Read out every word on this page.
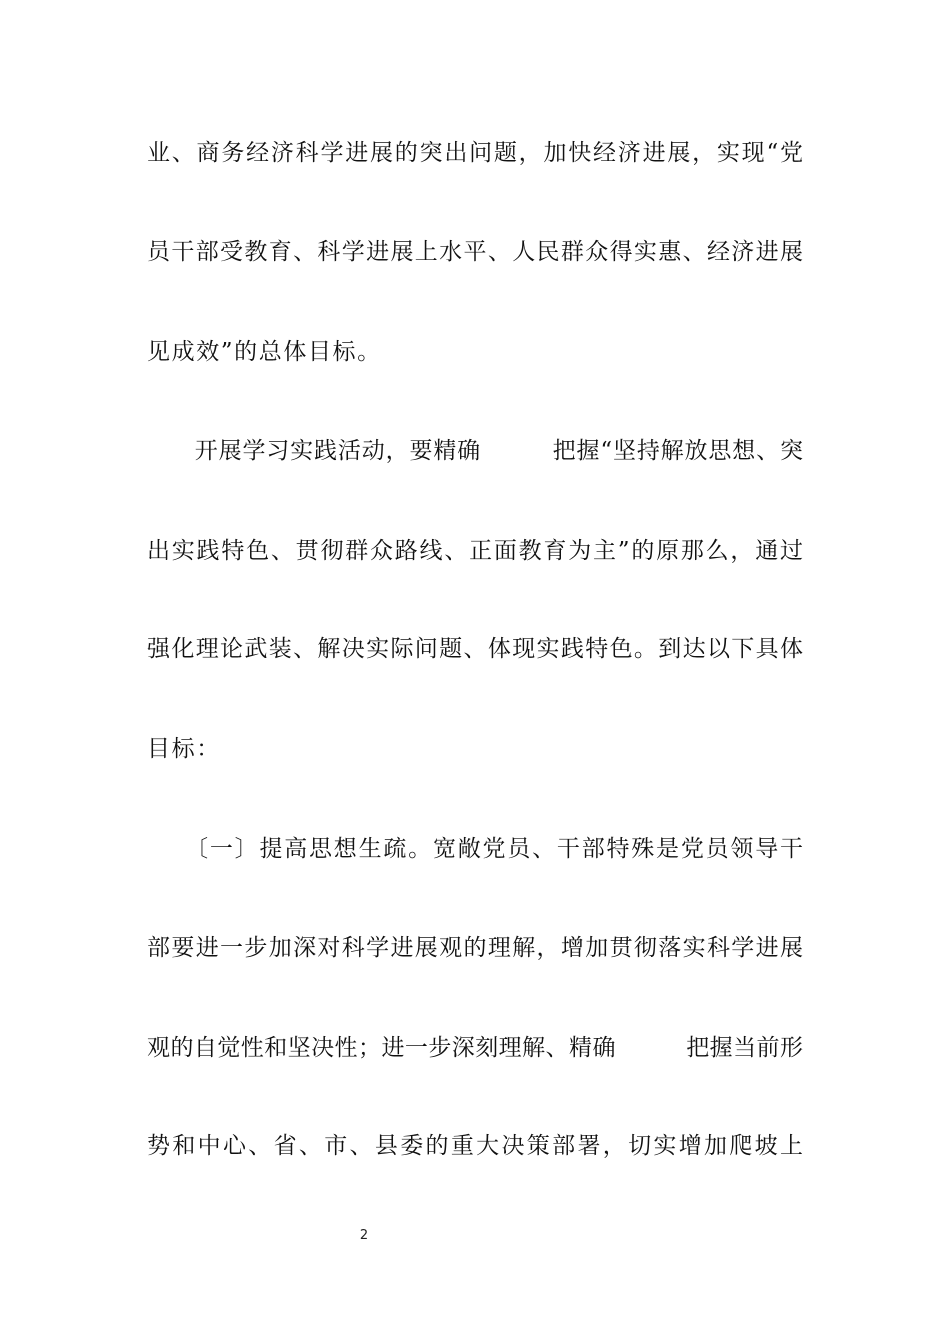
业、商务经济科学进展的突出问题，加快经济进展，实现“党
员干部受教育、科学进展上水平、人民群众得实惠、经济进展
见成效”的总体目标。
　　开展学习实践活动，要精确　　　把握“坚持解放思想、突
出实践特色、贯彻群众路线、正面教育为主”的原那么，通过
强化理论武装、解决实际问题、体现实践特色。到达以下具体
目标：
　　〔一〕提高思想生疏。宽敞党员、干部特殊是党员领导干
部要进一步加深对科学进展观的理解，增加贯彻落实科学进展
观的自觉性和坚决性；进一步深刻理解、精确　　　把握当前形
势和中心、省、市、县委的重大决策部署，切实增加爬坡上
2
